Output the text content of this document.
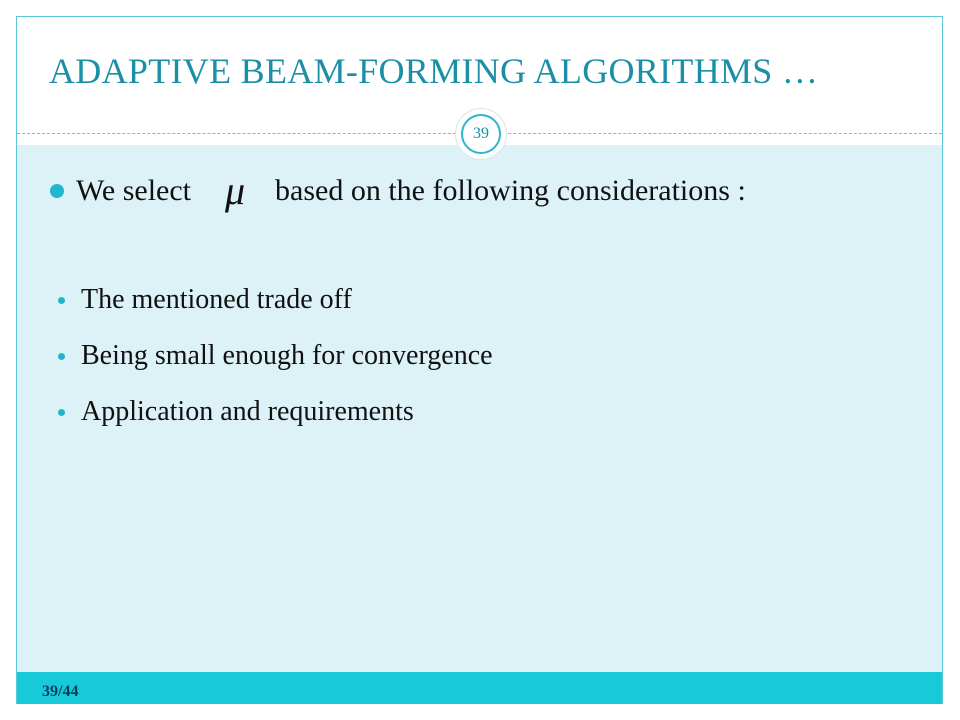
ADAPTIVE BEAM-FORMING ALGORITHMS …
39
We select μ based on the following considerations :
The mentioned trade off
Being small enough for convergence
Application and requirements
39/44
